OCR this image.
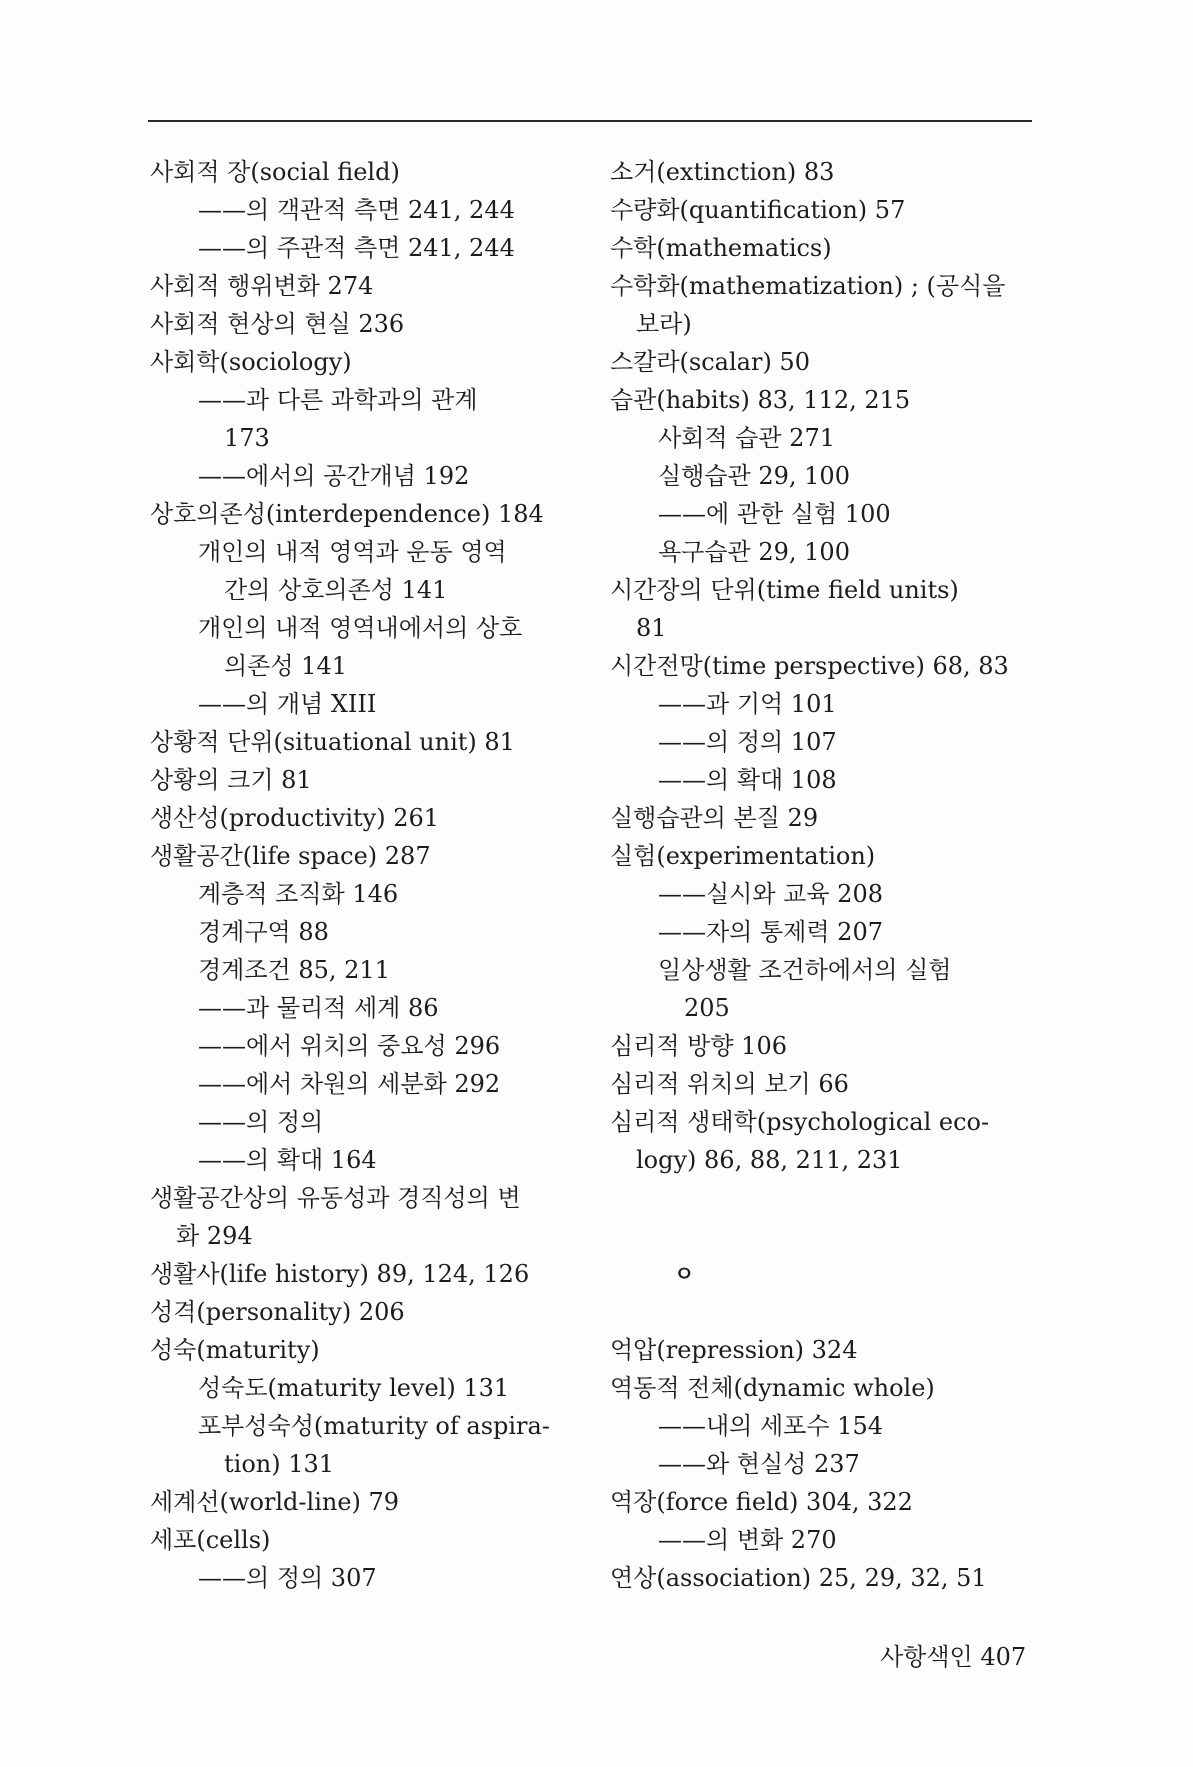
사회적 장(social field)
——의 객관적 측면 241, 244
——의 주관적 측면 241, 244
사회적 행위변화 274
사회적 현상의 현실 236
사회학(sociology)
——과 다른 과학과의 관계
173
——에서의 공간개념 192
상호의존성(interdependence) 184
개인의 내적 영역과 운동 영역
간의 상호의존성 141
개인의 내적 영역내에서의 상호
의존성 141
——의 개념 XIII
상황적 단위(situational unit) 81
상황의 크기 81
생산성(productivity) 261
생활공간(life space) 287
계층적 조직화 146
경계구역 88
경계조건 85, 211
——과 물리적 세계 86
——에서 위치의 중요성 296
——에서 차원의 세분화 292
——의 정의
——의 확대 164
생활공간상의 유동성과 경직성의 변
화 294
생활사(life history) 89, 124, 126
성격(personality) 206
성숙(maturity)
성숙도(maturity level) 131
포부성숙성(maturity of aspira-
tion) 131
세계선(world-line) 79
세포(cells)
——의 정의 307
소거(extinction) 83
수량화(quantification) 57
수학(mathematics)
수학화(mathematization) ; (공식을
보라)
스칼라(scalar) 50
습관(habits) 83, 112, 215
사회적 습관 271
실행습관 29, 100
——에 관한 실험 100
욕구습관 29, 100
시간장의 단위(time field units)
81
시간전망(time perspective) 68, 83
——과 기억 101
——의 정의 107
——의 확대 108
실행습관의 본질 29
실험(experimentation)
——실시와 교육 208
——자의 통제력 207
일상생활 조건하에서의 실험
205
심리적 방향 106
심리적 위치의 보기 66
심리적 생태학(psychological eco-
logy) 86, 88, 211, 231
ㅇ
억압(repression) 324
역동적 전체(dynamic whole)
——내의 세포수 154
——와 현실성 237
역장(force field) 304, 322
——의 변화 270
연상(association) 25, 29, 32, 51
사항색인 407
